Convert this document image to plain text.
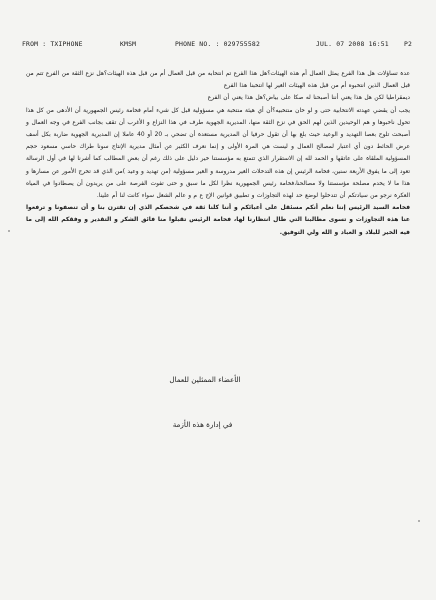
FROM : TXIPHONE	KMSM	PHONE NO. : 029755582	JUL. 07 2008 16:51 P2

عدة تساؤلات هل هذا الفرع يمثل العمال أم هذه الهيئات؟هل هذا الفرع تم انتخابه من قبل العمال أم من قبل هذه الهيئات؟هل نزع الثقة من الفرع تتم من قبل العمال الذين انتخبوه أم من قبل هذه الهيئات الغير لها انتخبنا هذا الفرع

ديمقراطيا لكن هل هذا يعني أننا أصبحنا له صكا على بياض؟هل هذا يعني أن الفرع

يجب أن يقضي عهدته الانتخابية حتى و لو خان منتخبيه؟أن أي هيئة منتخبة هي مسؤولية قبل كل شيء أمام فخامة رئيس الجمهورية أن الأدهى من كل هذا تحول ناخبوها و هم الوحيدين الذين لهم الحق في نزع الثقة منها، المديرية الجهوية طرف في هذا النزاع و الأغرب أن تقف بجانب الفرع في وجه العمال و أصبحت تلوح بعصا التهديد و الوعيد حيث بلغ بها أن تقول حرفيا أن المديرية مستعدة أن تضحي بـ 20 أو 40 عاملا إن المديرية الجهوية ضاربة بكل أسف عرض الحائط دون أي اعتبار لمصالح العمال و ليست هي المرة الأولى و إنما نعرف الكثير عن أمثال مديرية الإنتاج سونا طراك حاسي مسعود حجم المسؤولية الملقاة على عاتقها و الحمد لله إن الاستقرار الذي تتمتع به مؤسستنا خير دليل على ذلك رغم أن بعض المطالب كما أشرنا لها في أول الرسالة تعود إلى ما يفوق الأربعة سنين، فخامة الرئيس إن هذه التدخلات الغير مدروسة و الغير مسؤولية (من تهديد و وعيد )من الذي قد تخرج الأمور عن مسارها و هذا ما لا يخدم مصلحة مؤسستنا ولا مصالحنا،فخامة رئيس الجمهورية نظرا لكل ما سبق و حتى تفوت الفرصة على من يريدون أن يصطادوا في المياه العكرة نرجو من سيادتكم أن تتدخلوا لوضع حد لهذه التجاوزات و تطبيق قوانين الإج ع م و عالم الشغل سواء كانت لنا أم علينا.

فخامة السيد الرئيس إننا نعلم أنكم مسئقل على أعبائكم و أننا كلنا ثقة في شخصكم الذي إن تقترن بنا و أن تنصفونا و ترفعوا عنا هذه التجاوزات و تسوى مطالبنا التي طال انتظارنا لها، فخامة الرئيس تقبلوا منا فائق الشكر و التقدير و وفقكم الله إلى ما فيه الخير للبلاد و العباد و الله ولي التوفيق.

الأعضاء الممثلين للعمال

في إدارة هذه الأزمة
